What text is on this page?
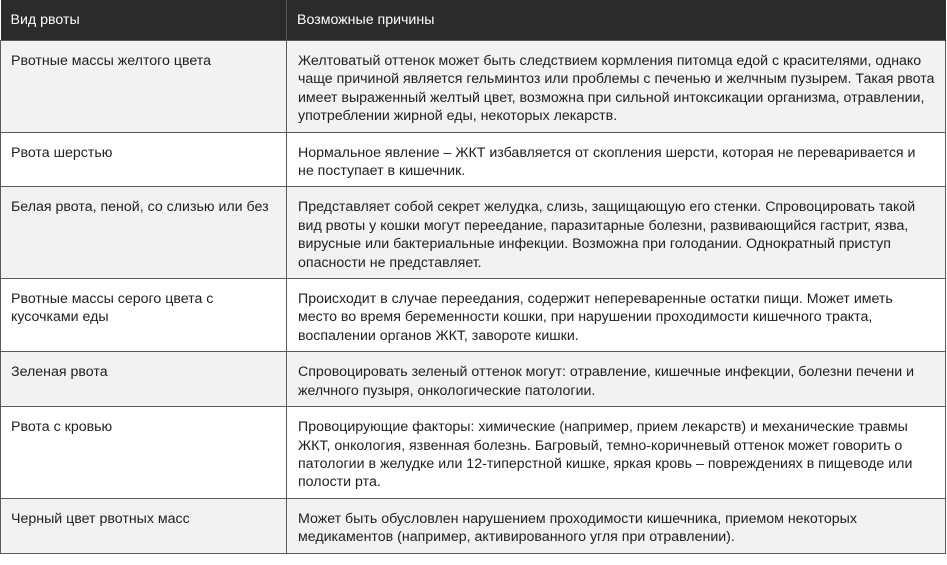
Вид рвоты	Возможные причины
Рвотные массы желтого цвета	Желтоватый оттенок может быть следствием кормления питомца едой с красителями, однако чаще причиной является гельминтоз или проблемы с печенью и желчным пузырем. Такая рвота имеет выраженный желтый цвет, возможна при сильной интоксикации организма, отравлении, употреблении жирной еды, некоторых лекарств.
Рвота шерстью	Нормальное явление – ЖКТ избавляется от скопления шерсти, которая не переваривается и не поступает в кишечник.
Белая рвота, пеной, со слизью или без	Представляет собой секрет желудка, слизь, защищающую его стенки. Спровоцировать такой вид рвоты у кошки могут переедание, паразитарные болезни, развивающийся гастрит, язва, вирусные или бактериальные инфекции. Возможна при голодании. Однократный приступ опасности не представляет.
Рвотные массы серого цвета с кусочками еды	Происходит в случае переедания, содержит непереваренные остатки пищи. Может иметь место во время беременности кошки, при нарушении проходимости кишечного тракта, воспалении органов ЖКТ, завороте кишки.
Зеленая рвота	Спровоцировать зеленый оттенок могут: отравление, кишечные инфекции, болезни печени и желчного пузыря, онкологические патологии.
Рвота с кровью	Провоцирующие факторы: химические (например, прием лекарств) и механические травмы ЖКТ, онкология, язвенная болезнь. Багровый, темно-коричневый оттенок может говорить о патологии в желудке или 12-типерстной кишке, яркая кровь – повреждениях в пищеводе или полости рта.
Черный цвет рвотных масс	Может быть обусловлен нарушением проходимости кишечника, приемом некоторых медикаментов (например, активированного угля при отравлении).
